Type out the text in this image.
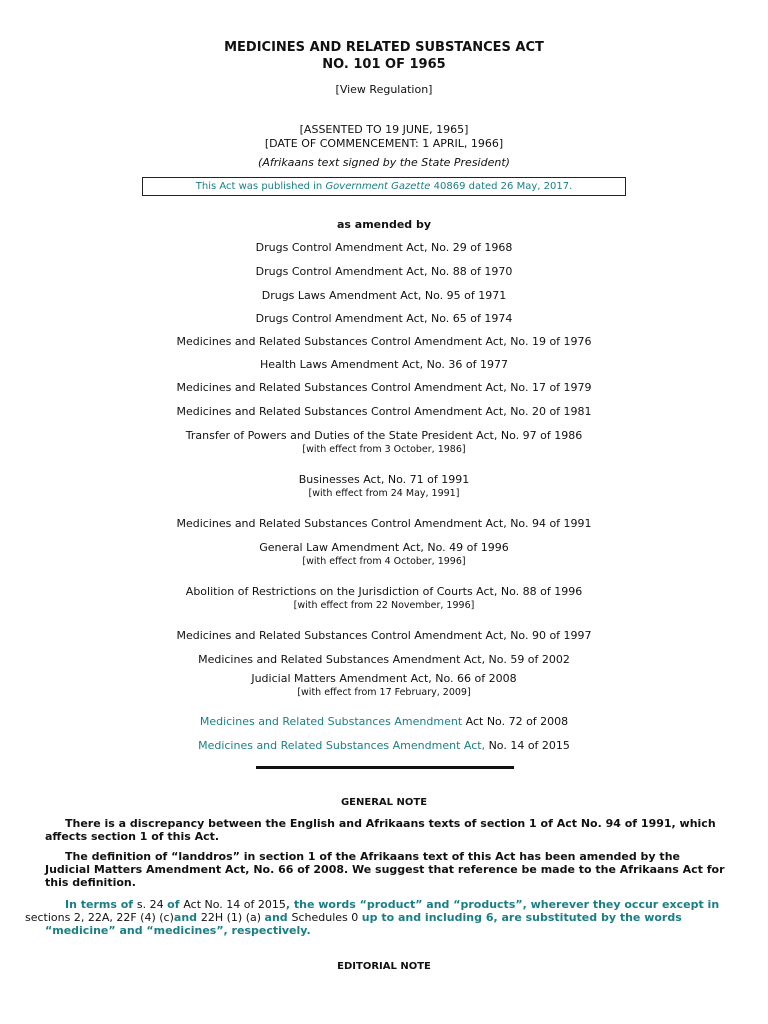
MEDICINES AND RELATED SUBSTANCES ACT
NO. 101 OF 1965
[View Regulation]
[ASSENTED TO 19 JUNE, 1965]
[DATE OF COMMENCEMENT: 1 APRIL, 1966]
(Afrikaans text signed by the State President)
This Act was published in Government Gazette 40869 dated 26 May, 2017.
as amended by
Drugs Control Amendment Act, No. 29 of 1968
Drugs Control Amendment Act, No. 88 of 1970
Drugs Laws Amendment Act, No. 95 of 1971
Drugs Control Amendment Act, No. 65 of 1974
Medicines and Related Substances Control Amendment Act, No. 19 of 1976
Health Laws Amendment Act, No. 36 of 1977
Medicines and Related Substances Control Amendment Act, No. 17 of 1979
Medicines and Related Substances Control Amendment Act, No. 20 of 1981
Transfer of Powers and Duties of the State President Act, No. 97 of 1986
[with effect from 3 October, 1986]
Businesses Act, No. 71 of 1991
[with effect from 24 May, 1991]
Medicines and Related Substances Control Amendment Act, No. 94 of 1991
General Law Amendment Act, No. 49 of 1996
[with effect from 4 October, 1996]
Abolition of Restrictions on the Jurisdiction of Courts Act, No. 88 of 1996
[with effect from 22 November, 1996]
Medicines and Related Substances Control Amendment Act, No. 90 of 1997
Medicines and Related Substances Amendment Act, No. 59 of 2002
Judicial Matters Amendment Act, No. 66 of 2008
[with effect from 17 February, 2009]
Medicines and Related Substances Amendment Act No. 72 of 2008
Medicines and Related Substances Amendment Act, No. 14 of 2015
GENERAL NOTE
There is a discrepancy between the English and Afrikaans texts of section 1 of Act No. 94 of 1991, which affects section 1 of this Act.
The definition of “landdros” in section 1 of the Afrikaans text of this Act has been amended by the Judicial Matters Amendment Act, No. 66 of 2008. We suggest that reference be made to the Afrikaans Act for this definition.
In terms of s. 24 of Act No. 14 of 2015, the words “product” and “products”, wherever they occur except in
sections 2, 22A, 22F (4) (c)and 22H (1) (a) and Schedules 0 up to and including 6, are substituted by the words “medicine” and “medicines”, respectively.
EDITORIAL NOTE
